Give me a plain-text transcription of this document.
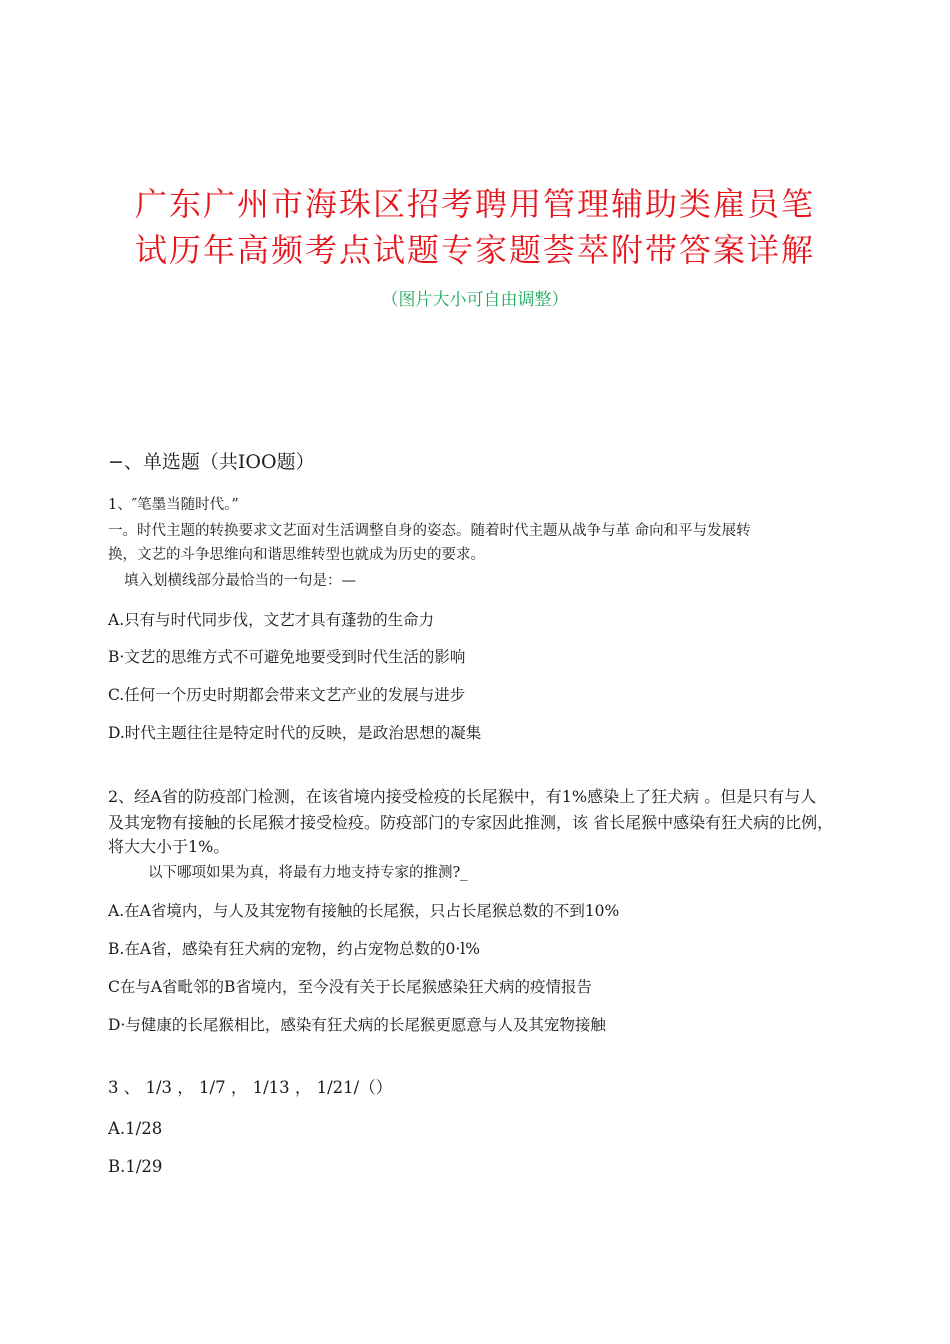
广东广州市海珠区招考聘用管理辅助类雇员笔
试历年高频考点试题专家题荟萃附带答案详解
（图片大小可自由调整）
−、单选题（共IOO题）
1、″笔墨当随时代。”
一。时代主题的转换要求文艺面对生活调整自身的姿态。随着时代主题从战争与革 命向和平与发展转
换，文艺的斗争思维向和谐思维转型也就成为历史的要求。
填入划横线部分最恰当的一句是：—
A.只有与时代同步伐，文艺才具有蓬勃的生命力
B·文艺的思维方式不可避免地要受到时代生活的影响
C.任何一个历史时期都会带来文艺产业的发展与进步
D.时代主题往往是特定时代的反映，是政治思想的凝集
2、经A省的防疫部门检测，在该省境内接受检疫的长尾猴中，有1%感染上了狂犬病 。但是只有与人
及其宠物有接触的长尾猴才接受检疫。防疫部门的专家因此推测，该 省长尾猴中感染有狂犬病的比例，
将大大小于1%。
以下哪项如果为真，将最有力地支持专家的推测?_
A.在A省境内，与人及其宠物有接触的长尾猴，只占长尾猴总数的不到10%
B.在A省，感染有狂犬病的宠物，约占宠物总数的0·l%
C在与A省毗邻的B省境内，至今没有关于长尾猴感染狂犬病的疫情报告
D·与健康的长尾猴相比，感染有狂犬病的长尾猴更愿意与人及其宠物接触
3 、 1/3 ， 1/7 ， 1/13 ， 1/21/（）
A.1/28
B.1/29
